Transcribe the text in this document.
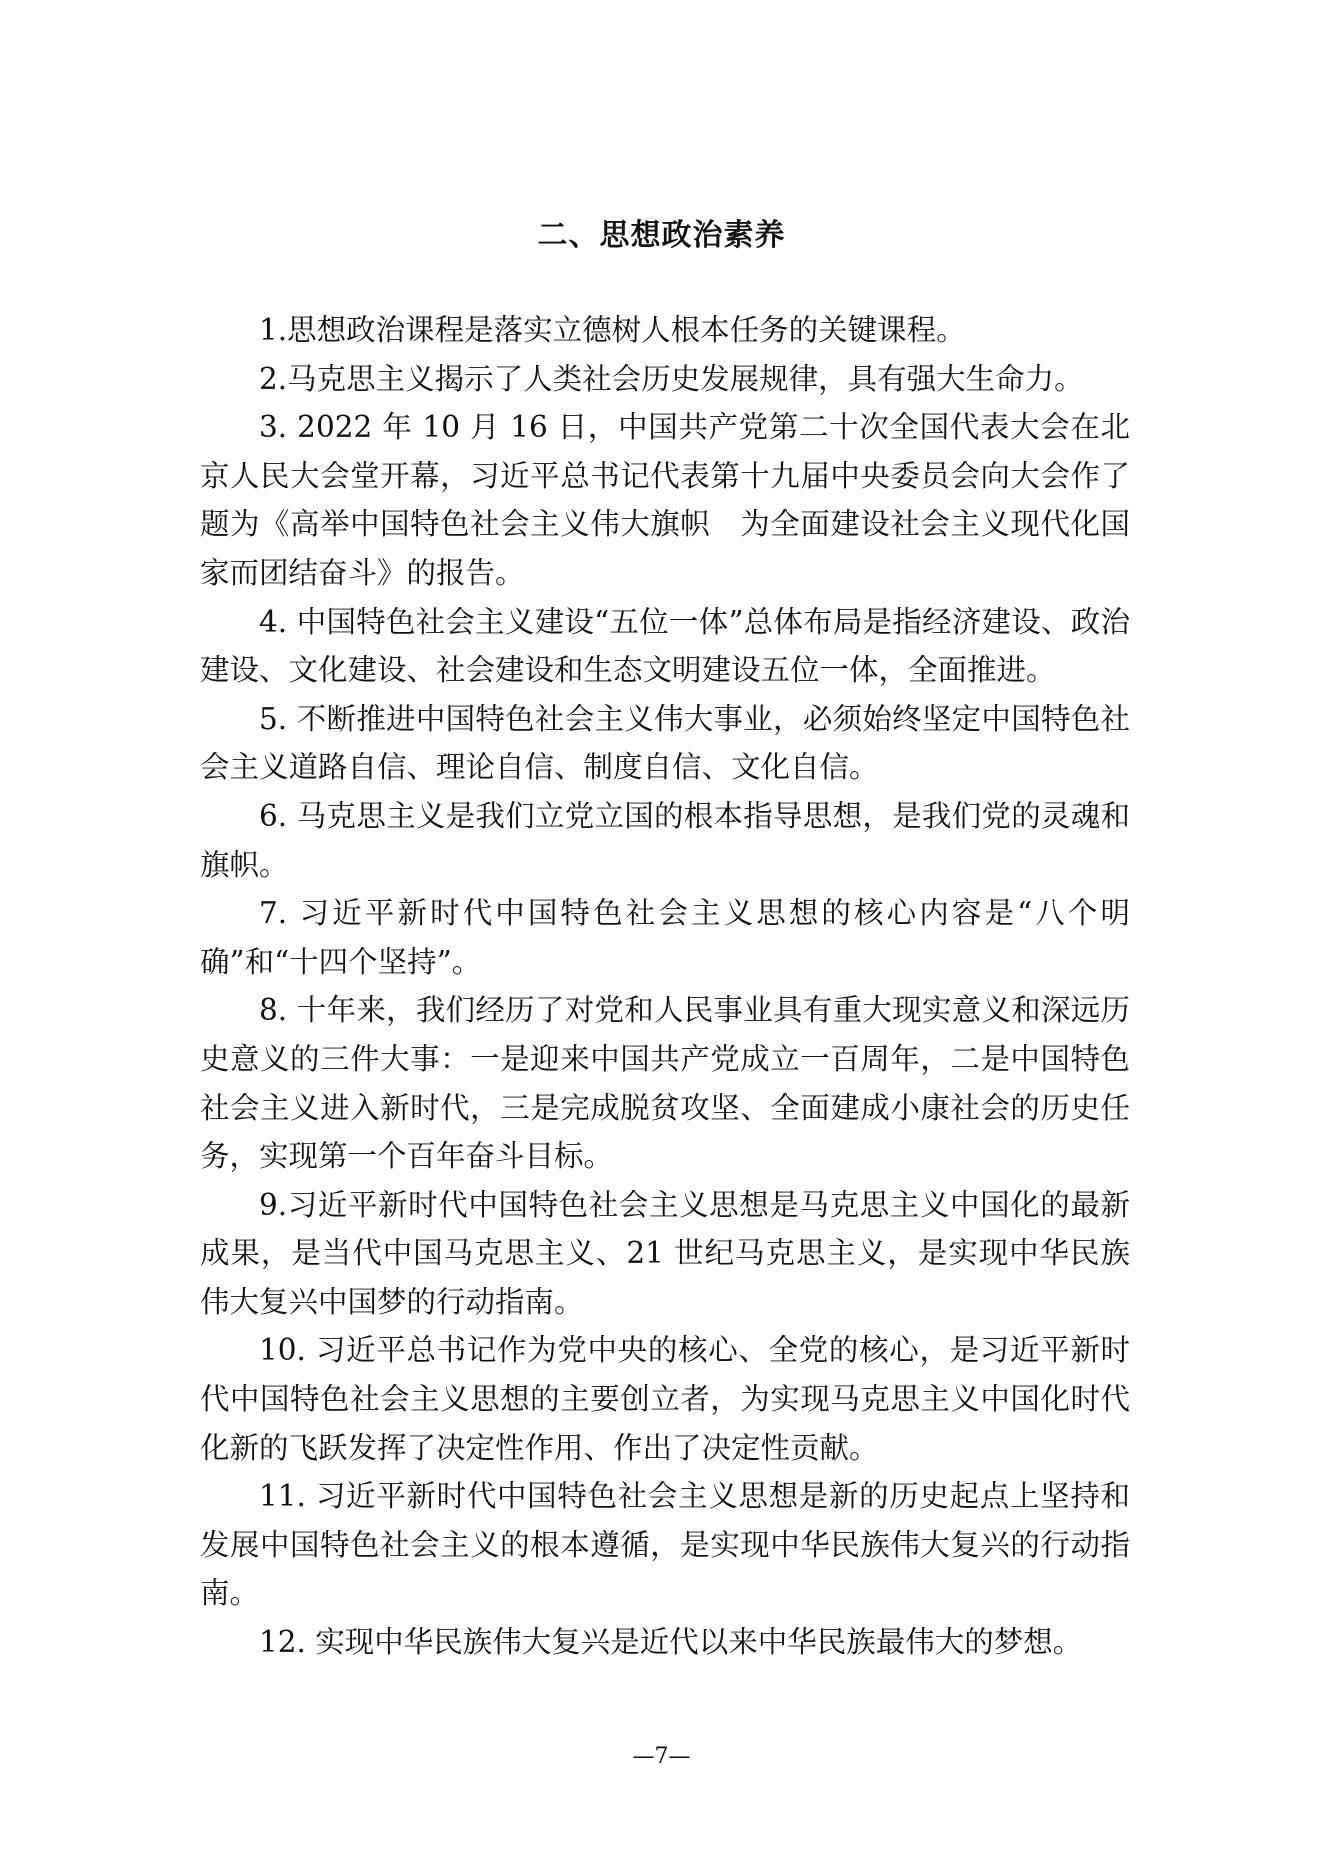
二、思想政治素养

1.思想政治课程是落实立德树人根本任务的关键课程。

2.马克思主义揭示了人类社会历史发展规律，具有强大生命力。

3. 2022 年 10 月 16 日，中国共产党第二十次全国代表大会在北京人民大会堂开幕，习近平总书记代表第十九届中央委员会向大会作了题为《高举中国特色社会主义伟大旗帜　为全面建设社会主义现代化国家而团结奋斗》的报告。

4. 中国特色社会主义建设“五位一体”总体布局是指经济建设、政治建设、文化建设、社会建设和生态文明建设五位一体，全面推进。

5. 不断推进中国特色社会主义伟大事业，必须始终坚定中国特色社会主义道路自信、理论自信、制度自信、文化自信。

6. 马克思主义是我们立党立国的根本指导思想，是我们党的灵魂和旗帜。

7. 习近平新时代中国特色社会主义思想的核心内容是“八个明确”和“十四个坚持”。

8. 十年来，我们经历了对党和人民事业具有重大现实意义和深远历史意义的三件大事：一是迎来中国共产党成立一百周年，二是中国特色社会主义进入新时代，三是完成脱贫攻坚、全面建成小康社会的历史任务，实现第一个百年奋斗目标。

9.习近平新时代中国特色社会主义思想是马克思主义中国化的最新成果，是当代中国马克思主义、21 世纪马克思主义，是实现中华民族伟大复兴中国梦的行动指南。

10. 习近平总书记作为党中央的核心、全党的核心，是习近平新时代中国特色社会主义思想的主要创立者，为实现马克思主义中国化时代化新的飞跃发挥了决定性作用、作出了决定性贡献。

11. 习近平新时代中国特色社会主义思想是新的历史起点上坚持和发展中国特色社会主义的根本遵循，是实现中华民族伟大复兴的行动指南。

12. 实现中华民族伟大复兴是近代以来中华民族最伟大的梦想。

—7—
